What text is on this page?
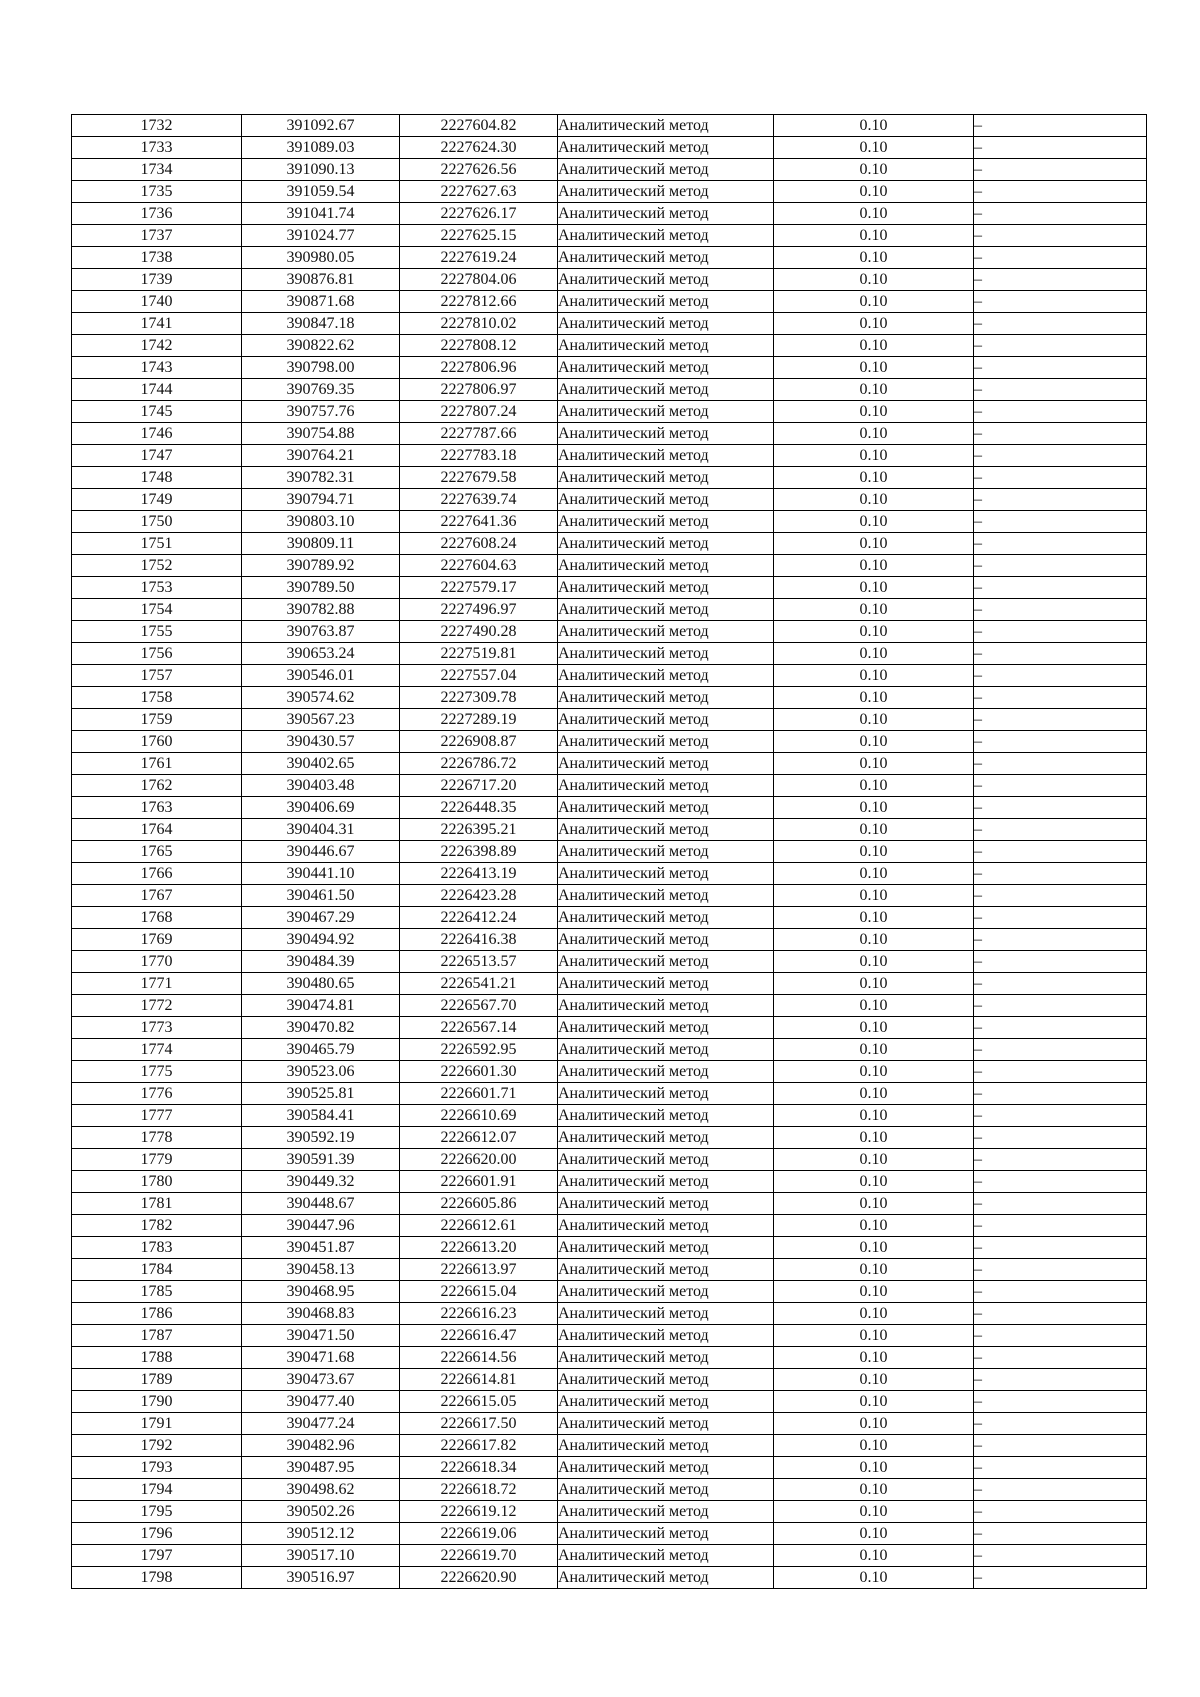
1732	391092.67	2227604.82	Аналитический метод	0.10	–
1733	391089.03	2227624.30	Аналитический метод	0.10	–
1734	391090.13	2227626.56	Аналитический метод	0.10	–
1735	391059.54	2227627.63	Аналитический метод	0.10	–
1736	391041.74	2227626.17	Аналитический метод	0.10	–
1737	391024.77	2227625.15	Аналитический метод	0.10	–
1738	390980.05	2227619.24	Аналитический метод	0.10	–
1739	390876.81	2227804.06	Аналитический метод	0.10	–
1740	390871.68	2227812.66	Аналитический метод	0.10	–
1741	390847.18	2227810.02	Аналитический метод	0.10	–
1742	390822.62	2227808.12	Аналитический метод	0.10	–
1743	390798.00	2227806.96	Аналитический метод	0.10	–
1744	390769.35	2227806.97	Аналитический метод	0.10	–
1745	390757.76	2227807.24	Аналитический метод	0.10	–
1746	390754.88	2227787.66	Аналитический метод	0.10	–
1747	390764.21	2227783.18	Аналитический метод	0.10	–
1748	390782.31	2227679.58	Аналитический метод	0.10	–
1749	390794.71	2227639.74	Аналитический метод	0.10	–
1750	390803.10	2227641.36	Аналитический метод	0.10	–
1751	390809.11	2227608.24	Аналитический метод	0.10	–
1752	390789.92	2227604.63	Аналитический метод	0.10	–
1753	390789.50	2227579.17	Аналитический метод	0.10	–
1754	390782.88	2227496.97	Аналитический метод	0.10	–
1755	390763.87	2227490.28	Аналитический метод	0.10	–
1756	390653.24	2227519.81	Аналитический метод	0.10	–
1757	390546.01	2227557.04	Аналитический метод	0.10	–
1758	390574.62	2227309.78	Аналитический метод	0.10	–
1759	390567.23	2227289.19	Аналитический метод	0.10	–
1760	390430.57	2226908.87	Аналитический метод	0.10	–
1761	390402.65	2226786.72	Аналитический метод	0.10	–
1762	390403.48	2226717.20	Аналитический метод	0.10	–
1763	390406.69	2226448.35	Аналитический метод	0.10	–
1764	390404.31	2226395.21	Аналитический метод	0.10	–
1765	390446.67	2226398.89	Аналитический метод	0.10	–
1766	390441.10	2226413.19	Аналитический метод	0.10	–
1767	390461.50	2226423.28	Аналитический метод	0.10	–
1768	390467.29	2226412.24	Аналитический метод	0.10	–
1769	390494.92	2226416.38	Аналитический метод	0.10	–
1770	390484.39	2226513.57	Аналитический метод	0.10	–
1771	390480.65	2226541.21	Аналитический метод	0.10	–
1772	390474.81	2226567.70	Аналитический метод	0.10	–
1773	390470.82	2226567.14	Аналитический метод	0.10	–
1774	390465.79	2226592.95	Аналитический метод	0.10	–
1775	390523.06	2226601.30	Аналитический метод	0.10	–
1776	390525.81	2226601.71	Аналитический метод	0.10	–
1777	390584.41	2226610.69	Аналитический метод	0.10	–
1778	390592.19	2226612.07	Аналитический метод	0.10	–
1779	390591.39	2226620.00	Аналитический метод	0.10	–
1780	390449.32	2226601.91	Аналитический метод	0.10	–
1781	390448.67	2226605.86	Аналитический метод	0.10	–
1782	390447.96	2226612.61	Аналитический метод	0.10	–
1783	390451.87	2226613.20	Аналитический метод	0.10	–
1784	390458.13	2226613.97	Аналитический метод	0.10	–
1785	390468.95	2226615.04	Аналитический метод	0.10	–
1786	390468.83	2226616.23	Аналитический метод	0.10	–
1787	390471.50	2226616.47	Аналитический метод	0.10	–
1788	390471.68	2226614.56	Аналитический метод	0.10	–
1789	390473.67	2226614.81	Аналитический метод	0.10	–
1790	390477.40	2226615.05	Аналитический метод	0.10	–
1791	390477.24	2226617.50	Аналитический метод	0.10	–
1792	390482.96	2226617.82	Аналитический метод	0.10	–
1793	390487.95	2226618.34	Аналитический метод	0.10	–
1794	390498.62	2226618.72	Аналитический метод	0.10	–
1795	390502.26	2226619.12	Аналитический метод	0.10	–
1796	390512.12	2226619.06	Аналитический метод	0.10	–
1797	390517.10	2226619.70	Аналитический метод	0.10	–
1798	390516.97	2226620.90	Аналитический метод	0.10	–
